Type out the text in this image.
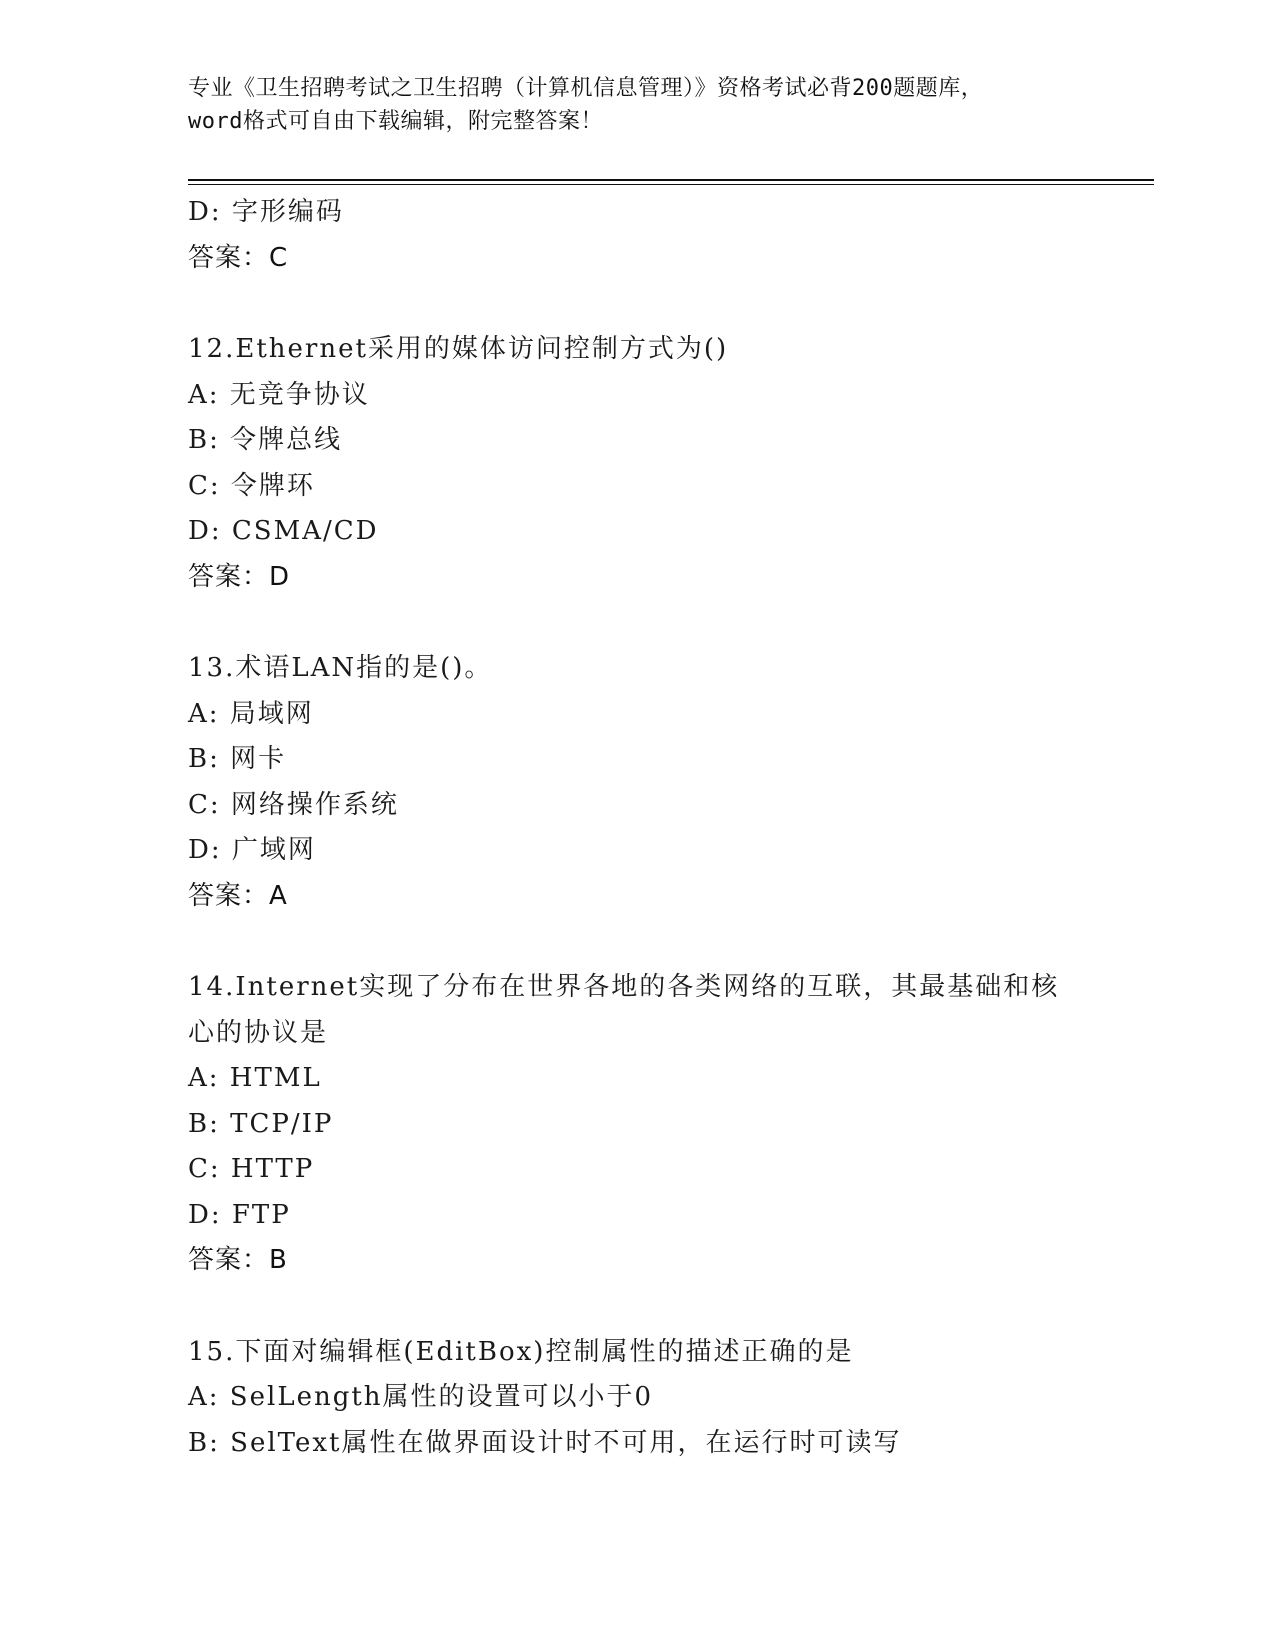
专业《卫生招聘考试之卫生招聘（计算机信息管理）》资格考试必背200题题库，
word格式可自由下载编辑，附完整答案！
D: 字形编码
答案：C
12.Ethernet采用的媒体访问控制方式为()
A: 无竞争协议
B: 令牌总线
C: 令牌环
D: CSMA/CD
答案：D
13.术语LAN指的是()。
A: 局域网
B: 网卡
C: 网络操作系统
D: 广域网
答案：A
14.Internet实现了分布在世界各地的各类网络的互联，其最基础和核
心的协议是
A: HTML
B: TCP/IP
C: HTTP
D: FTP
答案：B
15.下面对编辑框(EditBox)控制属性的描述正确的是
A: SelLength属性的设置可以小于0
B: SelText属性在做界面设计时不可用，在运行时可读写
